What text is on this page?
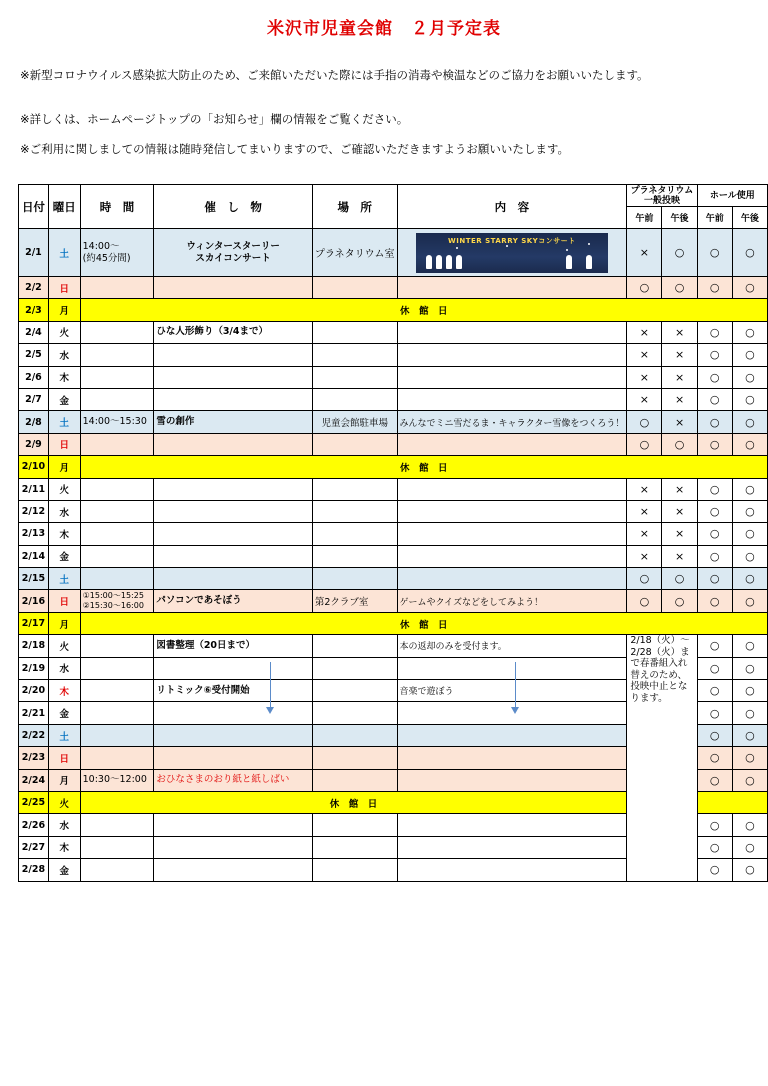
米沢市児童会館　２月予定表

※新型コロナウイルス感染拡大防止のため、ご来館いただいた際には手指の消毒や検温などのご協力をお願いいたします。

※詳しくは、ホームページトップの「お知らせ」欄の情報をご覧ください。

※ご利用に関しましての情報は随時発信してまいりますので、ご確認いただきますようお願いいたします。

日付	曜日	時　間	催　し　物	場　所	内　容	プラネタリウム一般投映		ホール使用	
						午前	午後	午前	午後
2/1	土	14:00～
(約45分間)	ウィンタースターリー
スカイコンサート	プラネタリウム室	WINTER STARRY SKYコンサート	×	○	○	○
2/2	日					○	○	○	○
2/3	月	休　館　日							
2/4	火		ひな人形飾り（3/4まで）			×	×	○	○
2/5	水					×	×	○	○
2/6	木					×	×	○	○
2/7	金					×	×	○	○
2/8	土	14:00～15:30	雪の創作	児童会館駐車場	みんなでミニ雪だるま・キャラクター雪像をつくろう！	○	×	○	○
2/9	日					○	○	○	○
2/10	月	休　館　日							
2/11	火					×	×	○	○
2/12	水					×	×	○	○
2/13	木					×	×	○	○
2/14	金					×	×	○	○
2/15	土					○	○	○	○
2/16	日	①15:00～15:25
②15:30～16:00	パソコンであそぼう	第2クラブ室	ゲームやクイズなどをしてみよう！	○	○	○	○
2/17	月	休　館　日							
2/18	火		図書整理（20日まで）		本の返却のみを受付ます。	2/18（火）～2/28（火）まで春番組入れ替えのため、投映中止となります。		○	○
2/19	水							○	○
2/20	木		リトミック⑥受付開始		音楽で遊ぼう			○	○
2/21	金							○	○
2/22	土							○	○
2/23	日							○	○
2/24	月	10:30～12:00	おひなさまのおり紙と紙しばい					○	○
2/25	火	休　館　日							
2/26	水							○	○
2/27	木							○	○
2/28	金							○	○
